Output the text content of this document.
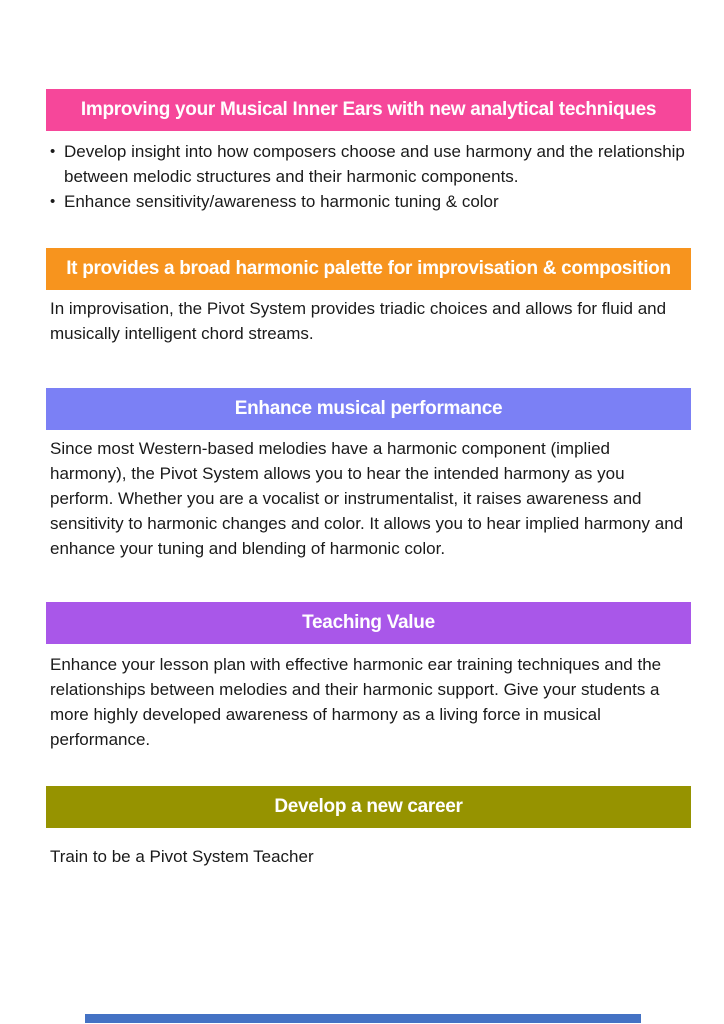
Improving your Musical Inner Ears with new analytical techniques
• Develop insight into how composers choose and use harmony and the relationship between melodic structures and their harmonic components.
• Enhance sensitivity/awareness to harmonic tuning & color
It provides a broad harmonic palette for improvisation & composition

In improvisation, the Pivot System provides triadic choices and allows for fluid and musically intelligent chord streams.

Enhance musical performance

Since most Western-based melodies have a harmonic component (implied harmony), the Pivot System allows you to hear the intended harmony as you perform. Whether you are a vocalist or instrumentalist, it raises awareness and sensitivity to harmonic changes and color. It allows you to hear implied harmony and enhance your tuning and blending of harmonic color.

Teaching Value

Enhance your lesson plan with effective harmonic ear training techniques and the relationships between melodies and their harmonic support. Give your students a more highly developed awareness of harmony as a living force in musical performance.

Develop a new career

Train to be a Pivot System Teacher
